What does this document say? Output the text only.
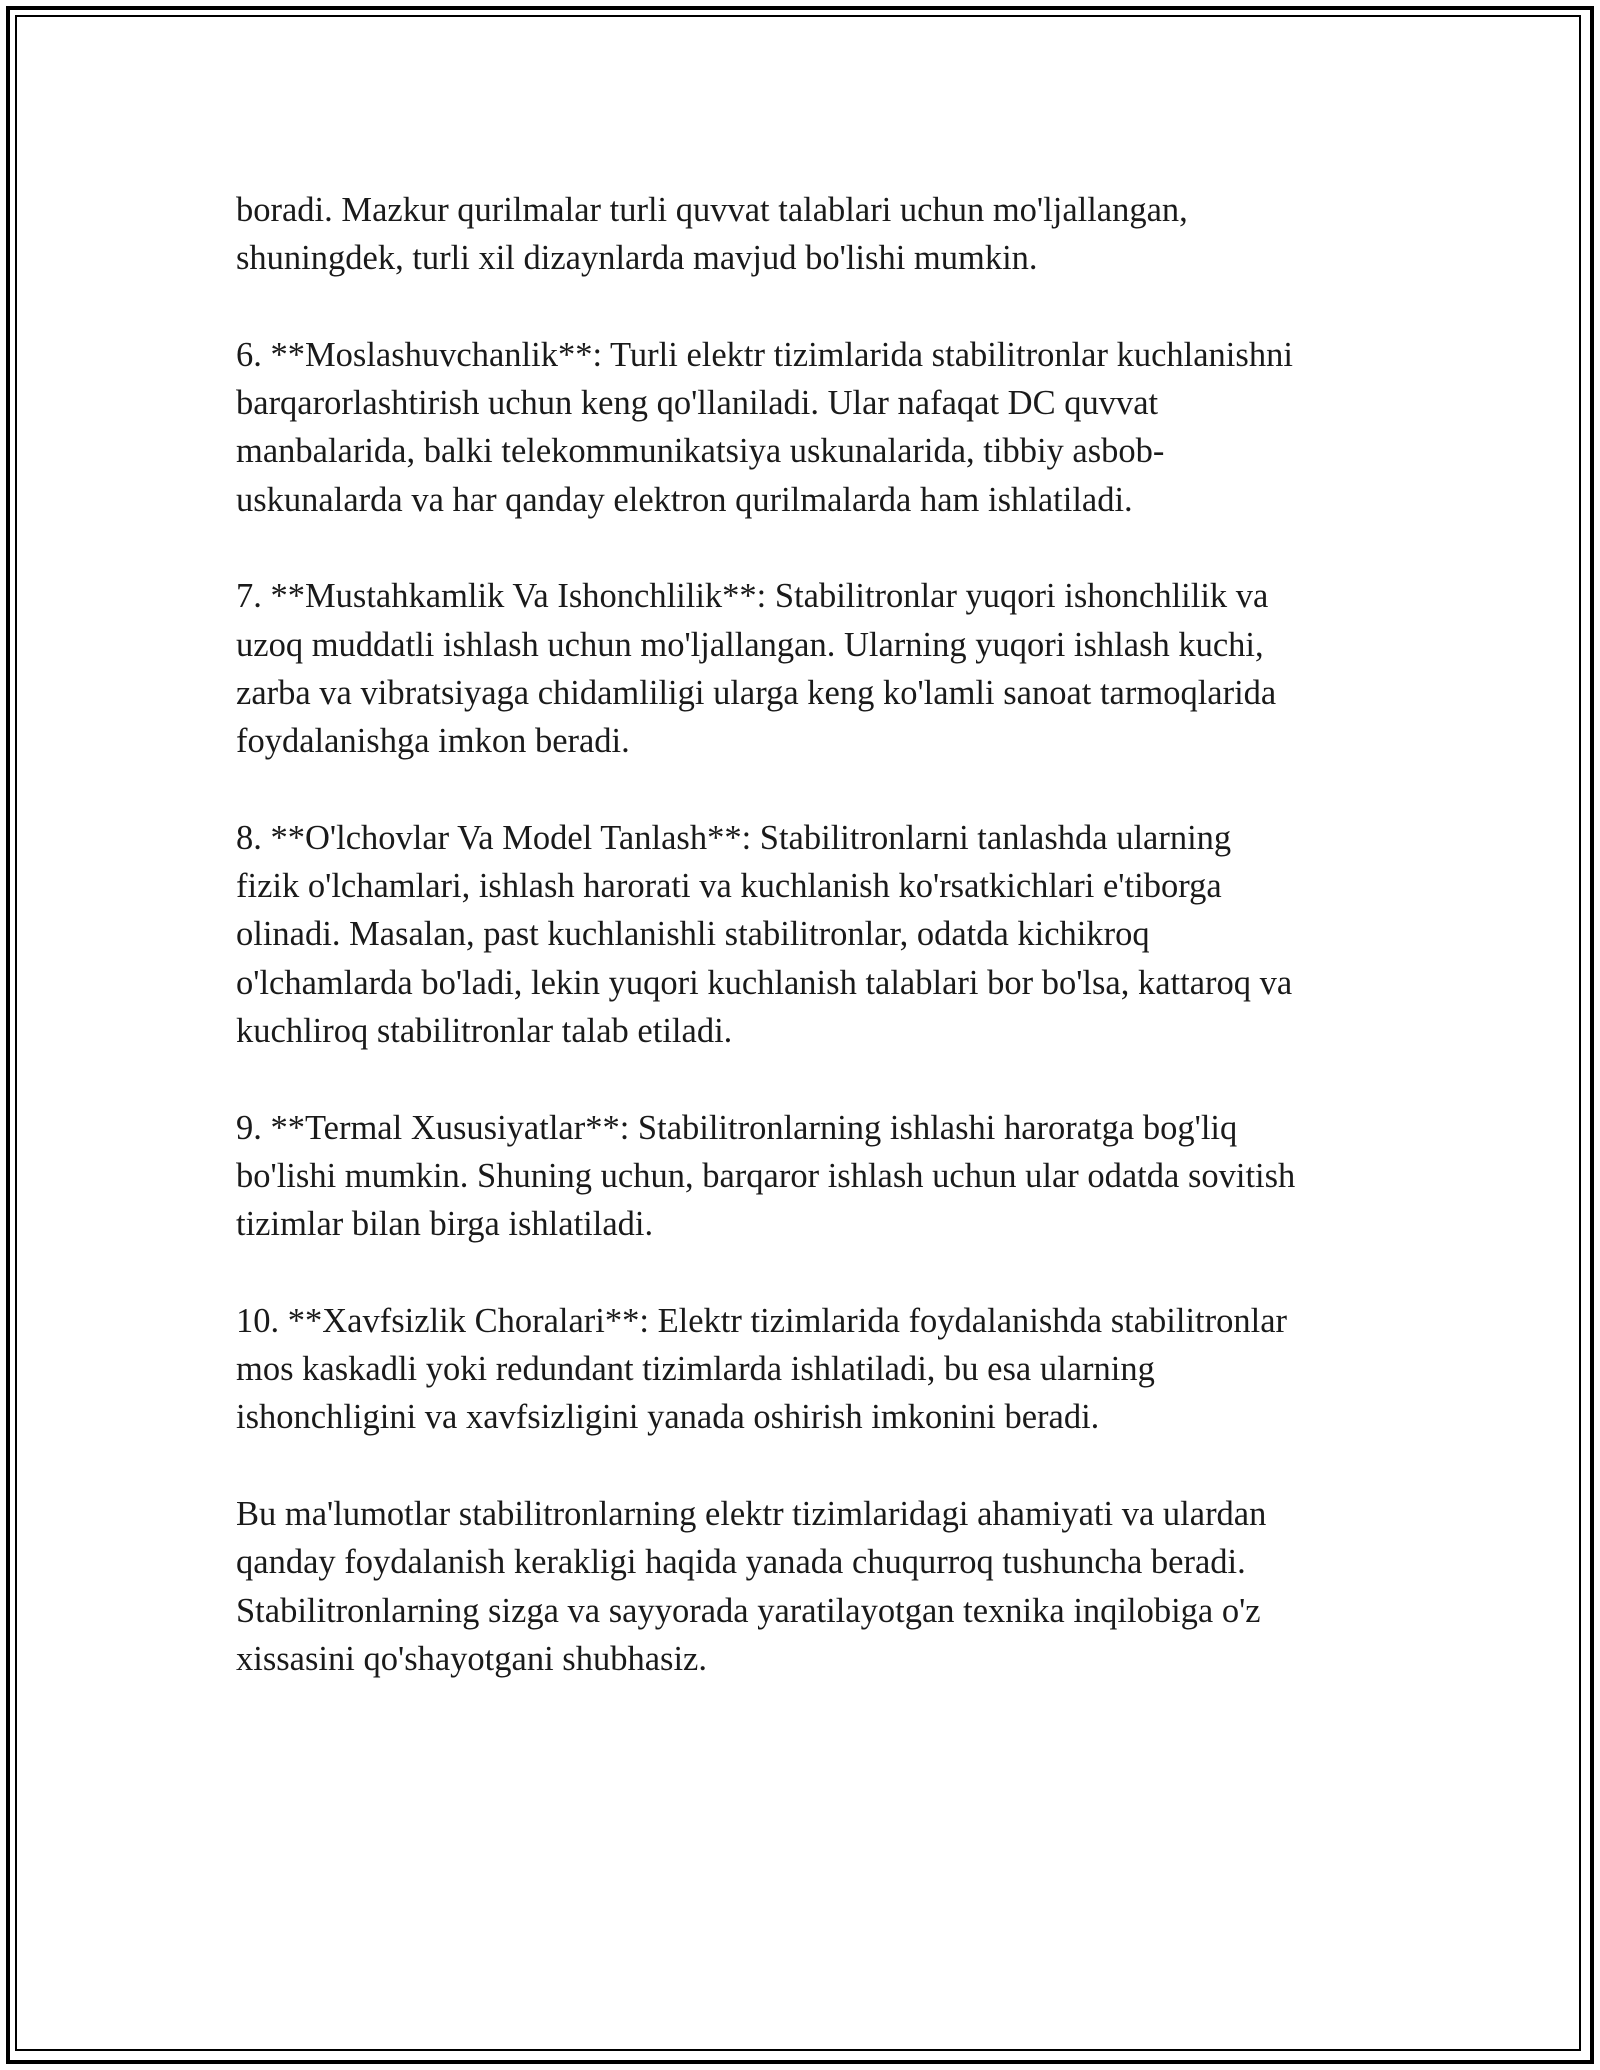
boradi. Mazkur qurilmalar turli quvvat talablari uchun mo'ljallangan,
shuningdek, turli xil dizaynlarda mavjud bo'lishi mumkin.

6. **Moslashuvchanlik**: Turli elektr tizimlarida stabilitronlar kuchlanishni
barqarorlashtirish uchun keng qo'llaniladi. Ular nafaqat DC quvvat
manbalarida, balki telekommunikatsiya uskunalarida, tibbiy asbob-
uskunalarda va har qanday elektron qurilmalarda ham ishlatiladi.

7. **Mustahkamlik Va Ishonchlilik**: Stabilitronlar yuqori ishonchlilik va
uzoq muddatli ishlash uchun mo'ljallangan. Ularning yuqori ishlash kuchi,
zarba va vibratsiyaga chidamliligi ularga keng ko'lamli sanoat tarmoqlarida
foydalanishga imkon beradi.

8. **O'lchovlar Va Model Tanlash**: Stabilitronlarni tanlashda ularning
fizik o'lchamlari, ishlash harorati va kuchlanish ko'rsatkichlari e'tiborga
olinadi. Masalan, past kuchlanishli stabilitronlar, odatda kichikroq
o'lchamlarda bo'ladi, lekin yuqori kuchlanish talablari bor bo'lsa, kattaroq va
kuchliroq stabilitronlar talab etiladi.

9. **Termal Xususiyatlar**: Stabilitronlarning ishlashi haroratga bog'liq
bo'lishi mumkin. Shuning uchun, barqaror ishlash uchun ular odatda sovitish
tizimlar bilan birga ishlatiladi.

10. **Xavfsizlik Choralari**: Elektr tizimlarida foydalanishda stabilitronlar
mos kaskadli yoki redundant tizimlarda ishlatiladi, bu esa ularning
ishonchligini va xavfsizligini yanada oshirish imkonini beradi.

Bu ma'lumotlar stabilitronlarning elektr tizimlaridagi ahamiyati va ulardan
qanday foydalanish kerakligi haqida yanada chuqurroq tushuncha beradi.
Stabilitronlarning sizga va sayyorada yaratilayotgan texnika inqilobiga o'z
xissasini qo'shayotgani shubhasiz.
